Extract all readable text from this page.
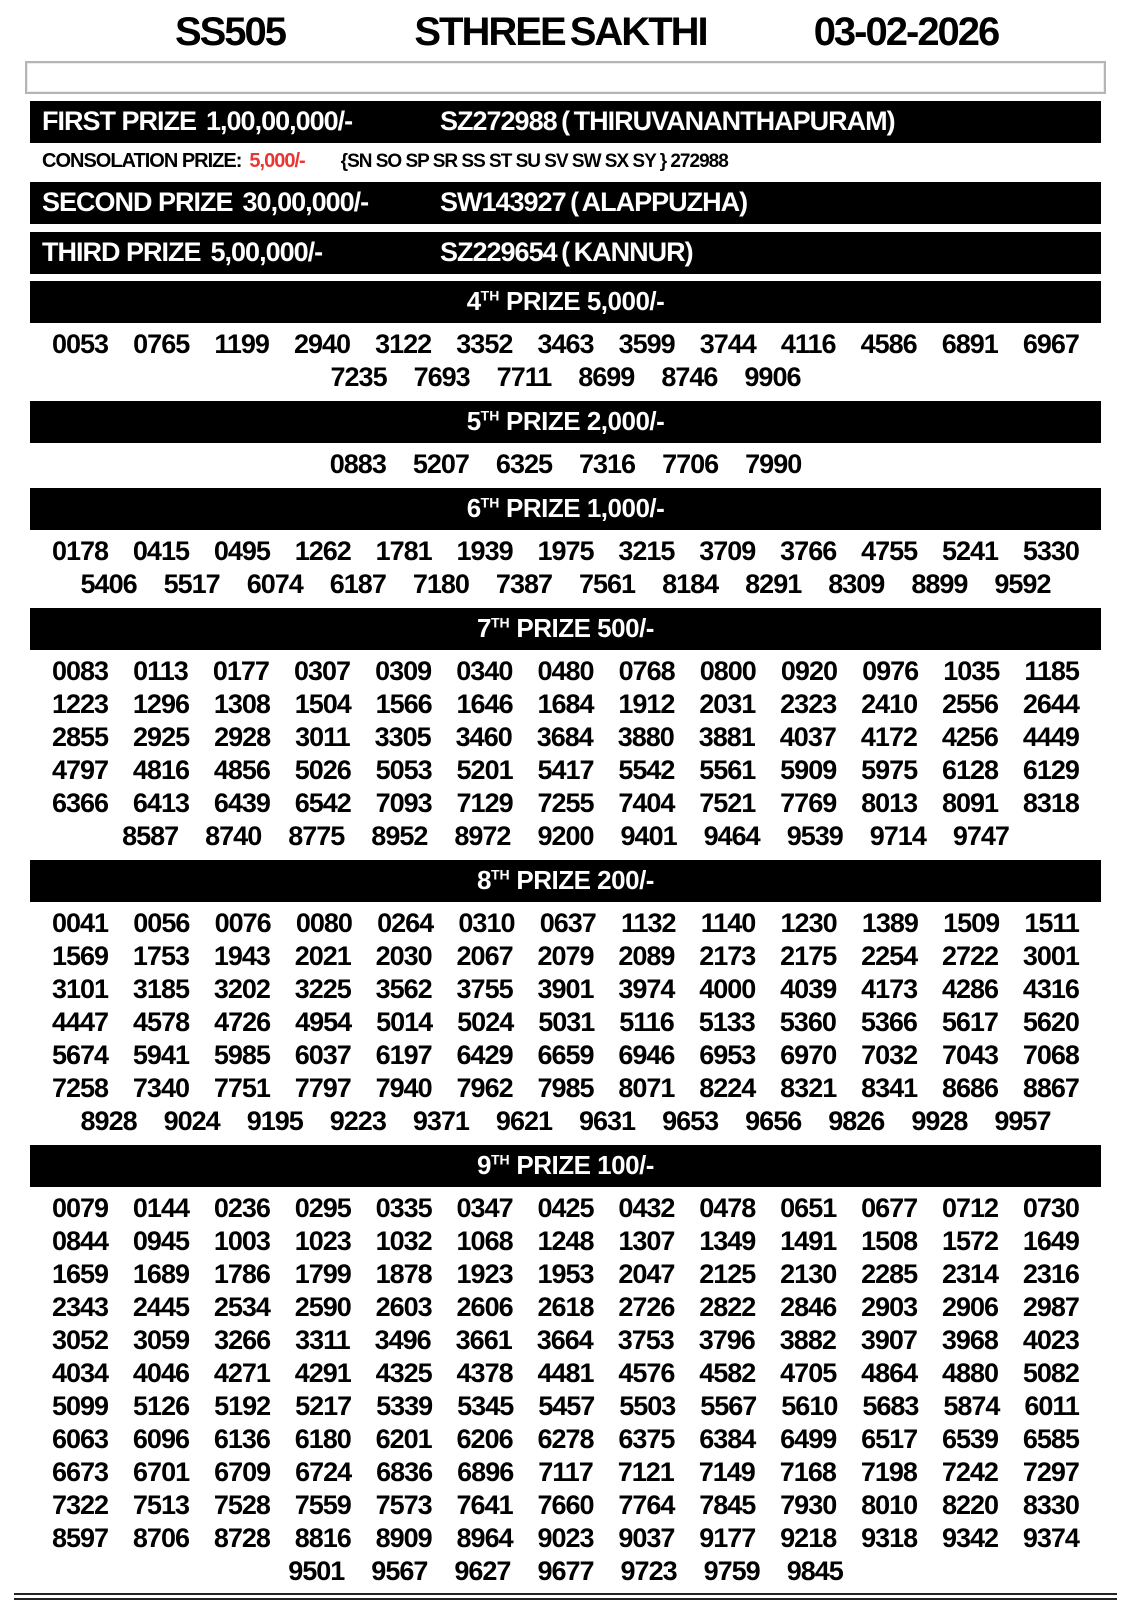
SS505	STHREE SAKTHI	03-02-2026
FIRST PRIZE 1,00,00,000/-	SZ272988 ( THIRUVANANTHAPURAM)
CONSOLATION PRIZE: 5,000/- {SN SO SP SR SS ST SU SV SW SX SY } 272988
SECOND PRIZE 30,00,000/-	SW143927 ( ALAPPUZHA)
THIRD PRIZE 5,00,000/-	SZ229654 ( KANNUR)
4TH PRIZE 5,000/-
0053 0765 1199 2940 3122 3352 3463 3599 3744 4116 4586 6891 6967
7235 7693 7711 8699 8746 9906
5TH PRIZE 2,000/-
0883 5207 6325 7316 7706 7990
6TH PRIZE 1,000/-
0178 0415 0495 1262 1781 1939 1975 3215 3709 3766 4755 5241 5330
5406 5517 6074 6187 7180 7387 7561 8184 8291 8309 8899 9592
7TH PRIZE 500/-
0083 0113 0177 0307 0309 0340 0480 0768 0800 0920 0976 1035 1185
1223 1296 1308 1504 1566 1646 1684 1912 2031 2323 2410 2556 2644
2855 2925 2928 3011 3305 3460 3684 3880 3881 4037 4172 4256 4449
4797 4816 4856 5026 5053 5201 5417 5542 5561 5909 5975 6128 6129
6366 6413 6439 6542 7093 7129 7255 7404 7521 7769 8013 8091 8318
8587 8740 8775 8952 8972 9200 9401 9464 9539 9714 9747
8TH PRIZE 200/-
0041 0056 0076 0080 0264 0310 0637 1132 1140 1230 1389 1509 1511
1569 1753 1943 2021 2030 2067 2079 2089 2173 2175 2254 2722 3001
3101 3185 3202 3225 3562 3755 3901 3974 4000 4039 4173 4286 4316
4447 4578 4726 4954 5014 5024 5031 5116 5133 5360 5366 5617 5620
5674 5941 5985 6037 6197 6429 6659 6946 6953 6970 7032 7043 7068
7258 7340 7751 7797 7940 7962 7985 8071 8224 8321 8341 8686 8867
8928 9024 9195 9223 9371 9621 9631 9653 9656 9826 9928 9957
9TH PRIZE 100/-
0079 0144 0236 0295 0335 0347 0425 0432 0478 0651 0677 0712 0730
0844 0945 1003 1023 1032 1068 1248 1307 1349 1491 1508 1572 1649
1659 1689 1786 1799 1878 1923 1953 2047 2125 2130 2285 2314 2316
2343 2445 2534 2590 2603 2606 2618 2726 2822 2846 2903 2906 2987
3052 3059 3266 3311 3496 3661 3664 3753 3796 3882 3907 3968 4023
4034 4046 4271 4291 4325 4378 4481 4576 4582 4705 4864 4880 5082
5099 5126 5192 5217 5339 5345 5457 5503 5567 5610 5683 5874 6011
6063 6096 6136 6180 6201 6206 6278 6375 6384 6499 6517 6539 6585
6673 6701 6709 6724 6836 6896 7117 7121 7149 7168 7198 7242 7297
7322 7513 7528 7559 7573 7641 7660 7764 7845 7930 8010 8220 8330
8597 8706 8728 8816 8909 8964 9023 9037 9177 9218 9318 9342 9374
9501 9567 9627 9677 9723 9759 9845
